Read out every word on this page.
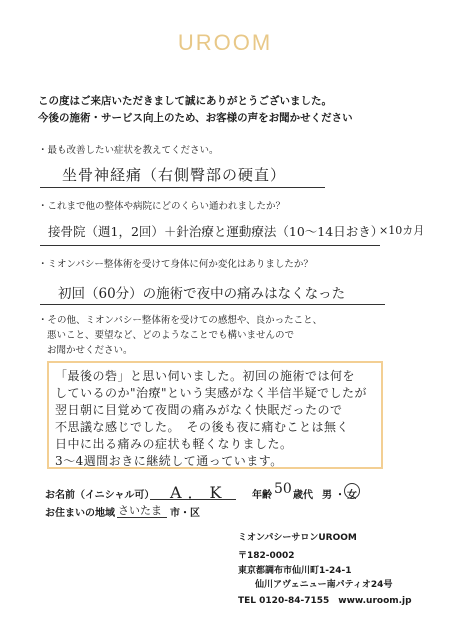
UROOM
この度はご来店いただきまして誠にありがとうございました。
今後の施術・サービス向上のため、お客様の声をお聞かせください
・最も改善したい症状を教えてください。
坐骨神経痛（右側臀部の硬直）
・これまで他の整体や病院にどのくらい通われましたか？
接骨院（週1，2回）＋針治療と運動療法（10～14日おき）
×10カ月
・ミオンパシー整体術を受けて身体に何か変化はありましたか？
初回（60分）の施術で夜中の痛みはなくなった
・その他、ミオンパシー整体術を受けての感想や、良かったこと、
悪いこと、要望など、どのようなことでも構いませんので
お聞かせください。
「最後の砦」と思い伺いました。初回の施術では何を
しているのか"治療"という実感がなく半信半疑でしたが
翌日朝に目覚めて夜間の痛みがなく快眠だったので
不思議な感じでした。　その後も夜に痛むことは無く
日中に出る痛みの症状も軽くなりました。
3～4週間おきに継続して通っています。
お名前（イニシャル可） A．K 年齢 50 歳代 男 ・ 女
お住まいの地域 さいたま 市・区
ミオンパシーサロンUROOM
〒182-0002
東京都調布市仙川町1-24-1
仙川アヴェニュー南パティオ24号
TEL 0120-84-7155　www.uroom.jp
